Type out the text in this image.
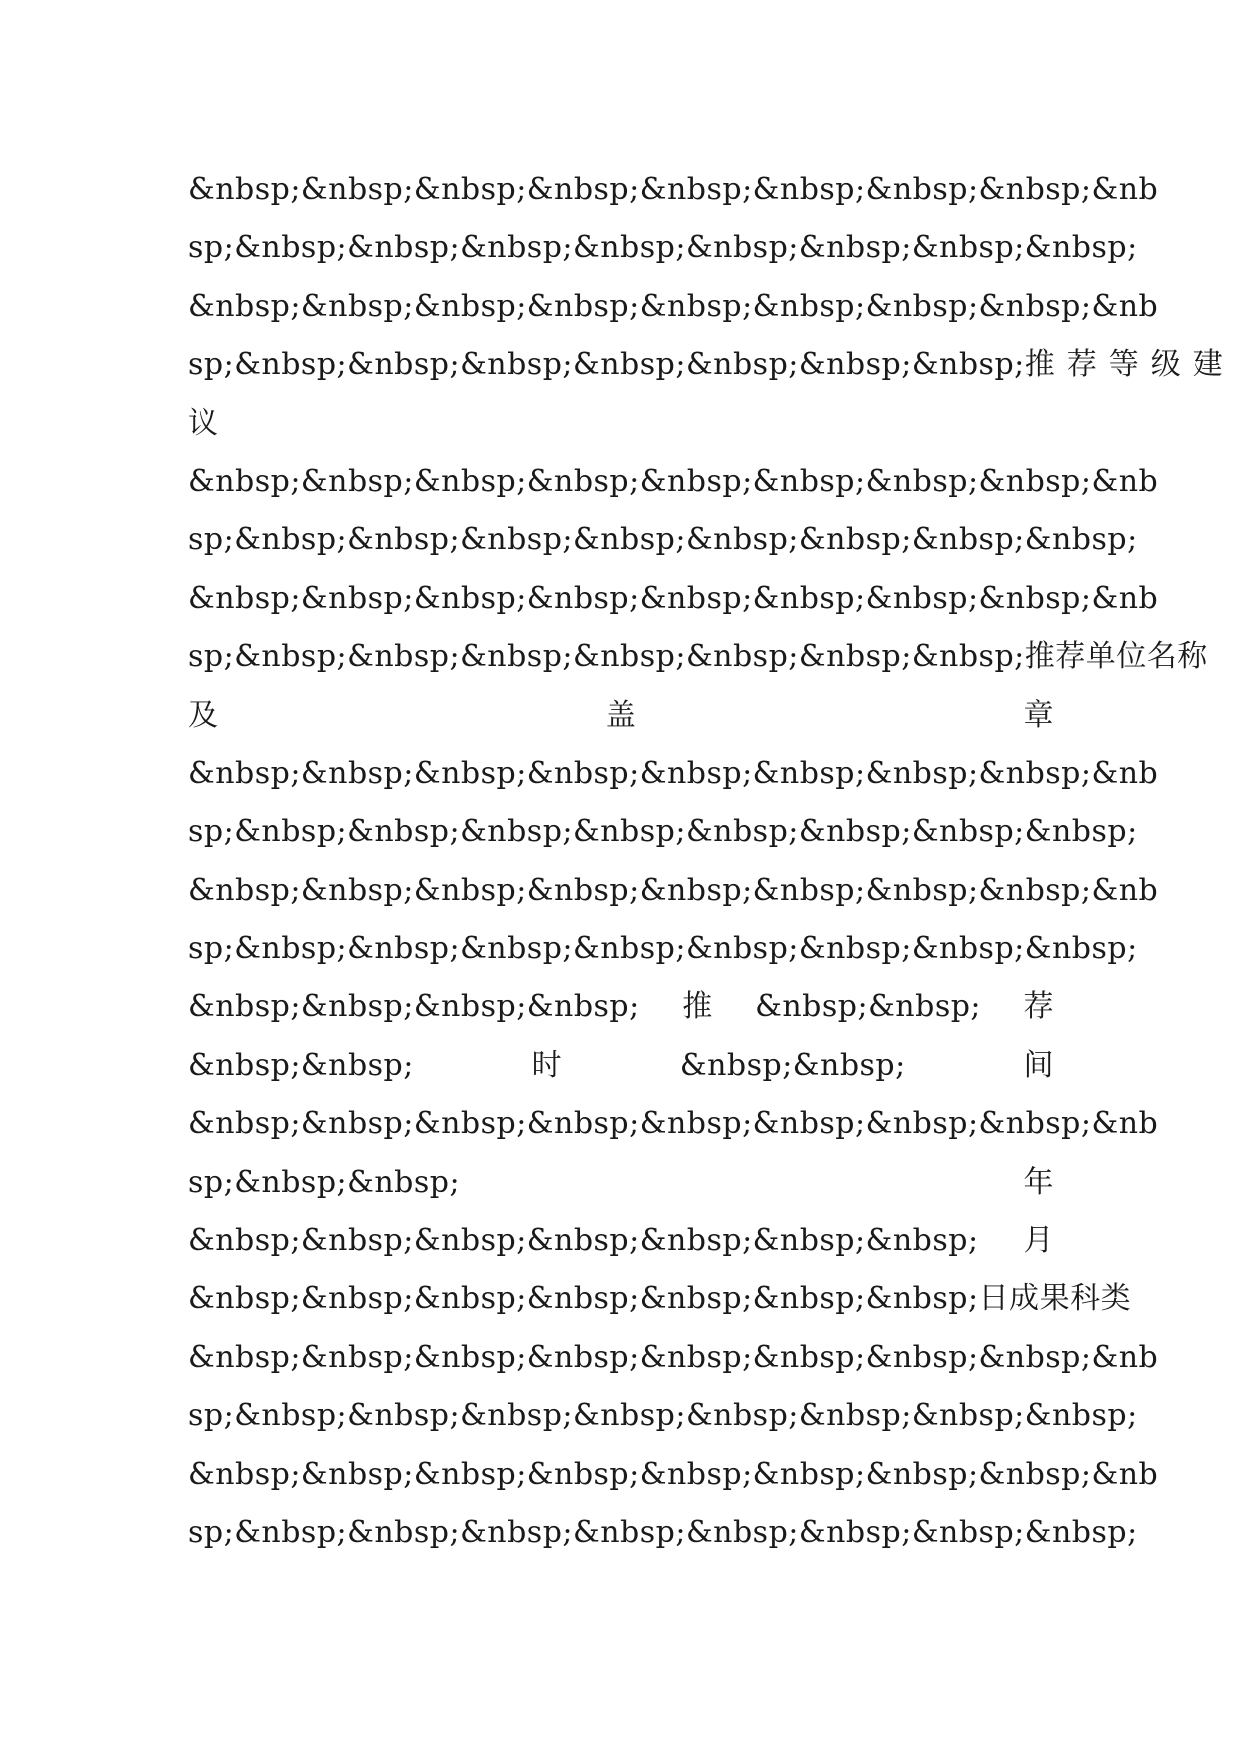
&nbsp;&nbsp;&nbsp;&nbsp;&nbsp;&nbsp;&nbsp;&nbsp;&nb
sp;&nbsp;&nbsp;&nbsp;&nbsp;&nbsp;&nbsp;&nbsp;&nbsp;
&nbsp;&nbsp;&nbsp;&nbsp;&nbsp;&nbsp;&nbsp;&nbsp;&nb
sp;&nbsp;&nbsp;&nbsp;&nbsp;&nbsp;&nbsp;&nbsp; 推荐等级建
议
&nbsp;&nbsp;&nbsp;&nbsp;&nbsp;&nbsp;&nbsp;&nbsp;&nb
sp;&nbsp;&nbsp;&nbsp;&nbsp;&nbsp;&nbsp;&nbsp;&nbsp;
&nbsp;&nbsp;&nbsp;&nbsp;&nbsp;&nbsp;&nbsp;&nbsp;&nb
sp;&nbsp;&nbsp;&nbsp;&nbsp;&nbsp;&nbsp;&nbsp; 推荐单位名称
及	盖	章
&nbsp;&nbsp;&nbsp;&nbsp;&nbsp;&nbsp;&nbsp;&nbsp;&nb
sp;&nbsp;&nbsp;&nbsp;&nbsp;&nbsp;&nbsp;&nbsp;&nbsp;
&nbsp;&nbsp;&nbsp;&nbsp;&nbsp;&nbsp;&nbsp;&nbsp;&nb
sp;&nbsp;&nbsp;&nbsp;&nbsp;&nbsp;&nbsp;&nbsp;&nbsp;
&nbsp;&nbsp;&nbsp;&nbsp; 推 &nbsp;&nbsp; 荐
&nbsp;&nbsp;	时	&nbsp;&nbsp;	间
&nbsp;&nbsp;&nbsp;&nbsp;&nbsp;&nbsp;&nbsp;&nbsp;&nb
sp;&nbsp;&nbsp;	年
&nbsp;&nbsp;&nbsp;&nbsp;&nbsp;&nbsp;&nbsp; 月
&nbsp;&nbsp;&nbsp;&nbsp;&nbsp;&nbsp;&nbsp; 日成 果 科 类
&nbsp;&nbsp;&nbsp;&nbsp;&nbsp;&nbsp;&nbsp;&nbsp;&nb
sp;&nbsp;&nbsp;&nbsp;&nbsp;&nbsp;&nbsp;&nbsp;&nbsp;
&nbsp;&nbsp;&nbsp;&nbsp;&nbsp;&nbsp;&nbsp;&nbsp;&nb
sp;&nbsp;&nbsp;&nbsp;&nbsp;&nbsp;&nbsp;&nbsp;&nbsp;
